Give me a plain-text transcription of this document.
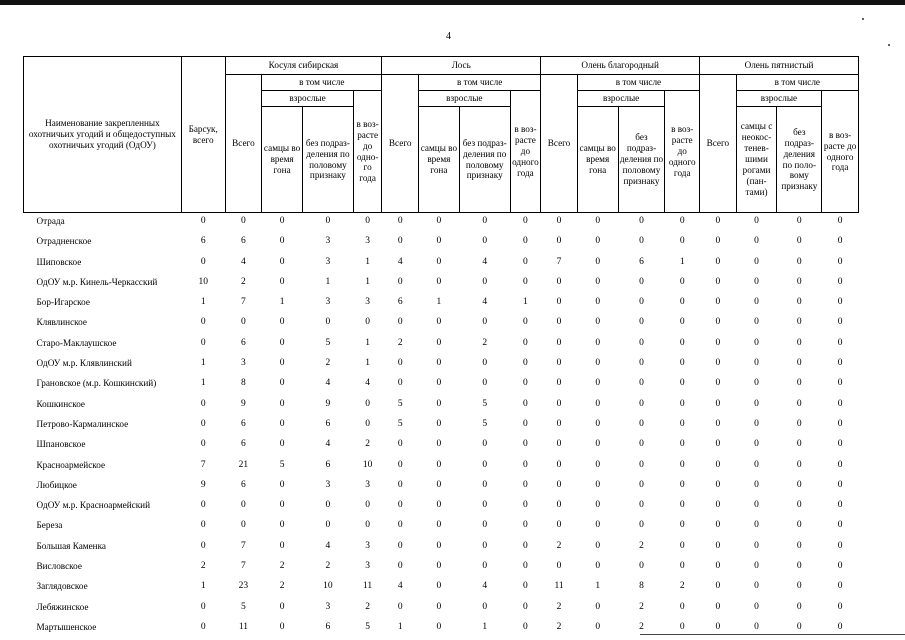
4
Наименование закрепленных охотничьих угодий и общедоступных охотничьих угодий (ОдОУ)	Барсук, всего	Косуля сибирская				Лось				Олень благородный				Олень пятнистый			
		Всего	в том числе			Всего	в том числе			Всего	в том числе			Всего	в том числе		
			взрослые		в возрасте до одного года		взрослые		в возрасте до одного года		взрослые		в возрасте до одного года		взрослые		в возрасте до одного года
			самцы во время гона	без подразделения по половому признаку			самцы во время гона	без подразделения по половому признаку			самцы во время гона	без подразделения по половому признаку			самцы с неокостеневшими рогами (пантами)	без подразделения по половому признаку	
Отрада	0	0	0	0	0	0	0	0	0	0	0	0	0	0	0	0	0
Отрадненское	6	6	0	3	3	0	0	0	0	0	0	0	0	0	0	0	0
Шиповское	0	4	0	3	1	4	0	4	0	7	0	6	1	0	0	0	0
ОдОУ м.р. Кинель-Черкасский	10	2	0	1	1	0	0	0	0	0	0	0	0	0	0	0	0
Бор-Игарское	1	7	1	3	3	6	1	4	1	0	0	0	0	0	0	0	0
Клявлинское	0	0	0	0	0	0	0	0	0	0	0	0	0	0	0	0	0
Старо-Маклаушское	0	6	0	5	1	2	0	2	0	0	0	0	0	0	0	0	0
ОдОУ м.р. Клявлинский	1	3	0	2	1	0	0	0	0	0	0	0	0	0	0	0	0
Грановское (м.р. Кошкинский)	1	8	0	4	4	0	0	0	0	0	0	0	0	0	0	0	0
Кошкинское	0	9	0	9	0	5	0	5	0	0	0	0	0	0	0	0	0
Петрово-Кармалинское	0	6	0	6	0	5	0	5	0	0	0	0	0	0	0	0	0
Шпановское	0	6	0	4	2	0	0	0	0	0	0	0	0	0	0	0	0
Красноармейское	7	21	5	6	10	0	0	0	0	0	0	0	0	0	0	0	0
Любицкое	9	6	0	3	3	0	0	0	0	0	0	0	0	0	0	0	0
ОдОУ м.р. Красноармейский	0	0	0	0	0	0	0	0	0	0	0	0	0	0	0	0	0
Береза	0	0	0	0	0	0	0	0	0	0	0	0	0	0	0	0	0
Большая Каменка	0	7	0	4	3	0	0	0	0	2	0	2	0	0	0	0	0
Висловское	2	7	2	2	3	0	0	0	0	0	0	0	0	0	0	0	0
Заглядовское	1	23	2	10	11	4	0	4	0	11	1	8	2	0	0	0	0
Лебяжинское	0	5	0	3	2	0	0	0	0	2	0	2	0	0	0	0	0
Мартышенское	0	11	0	6	5	1	0	1	0	2	0	2	0	0	0	0	0
